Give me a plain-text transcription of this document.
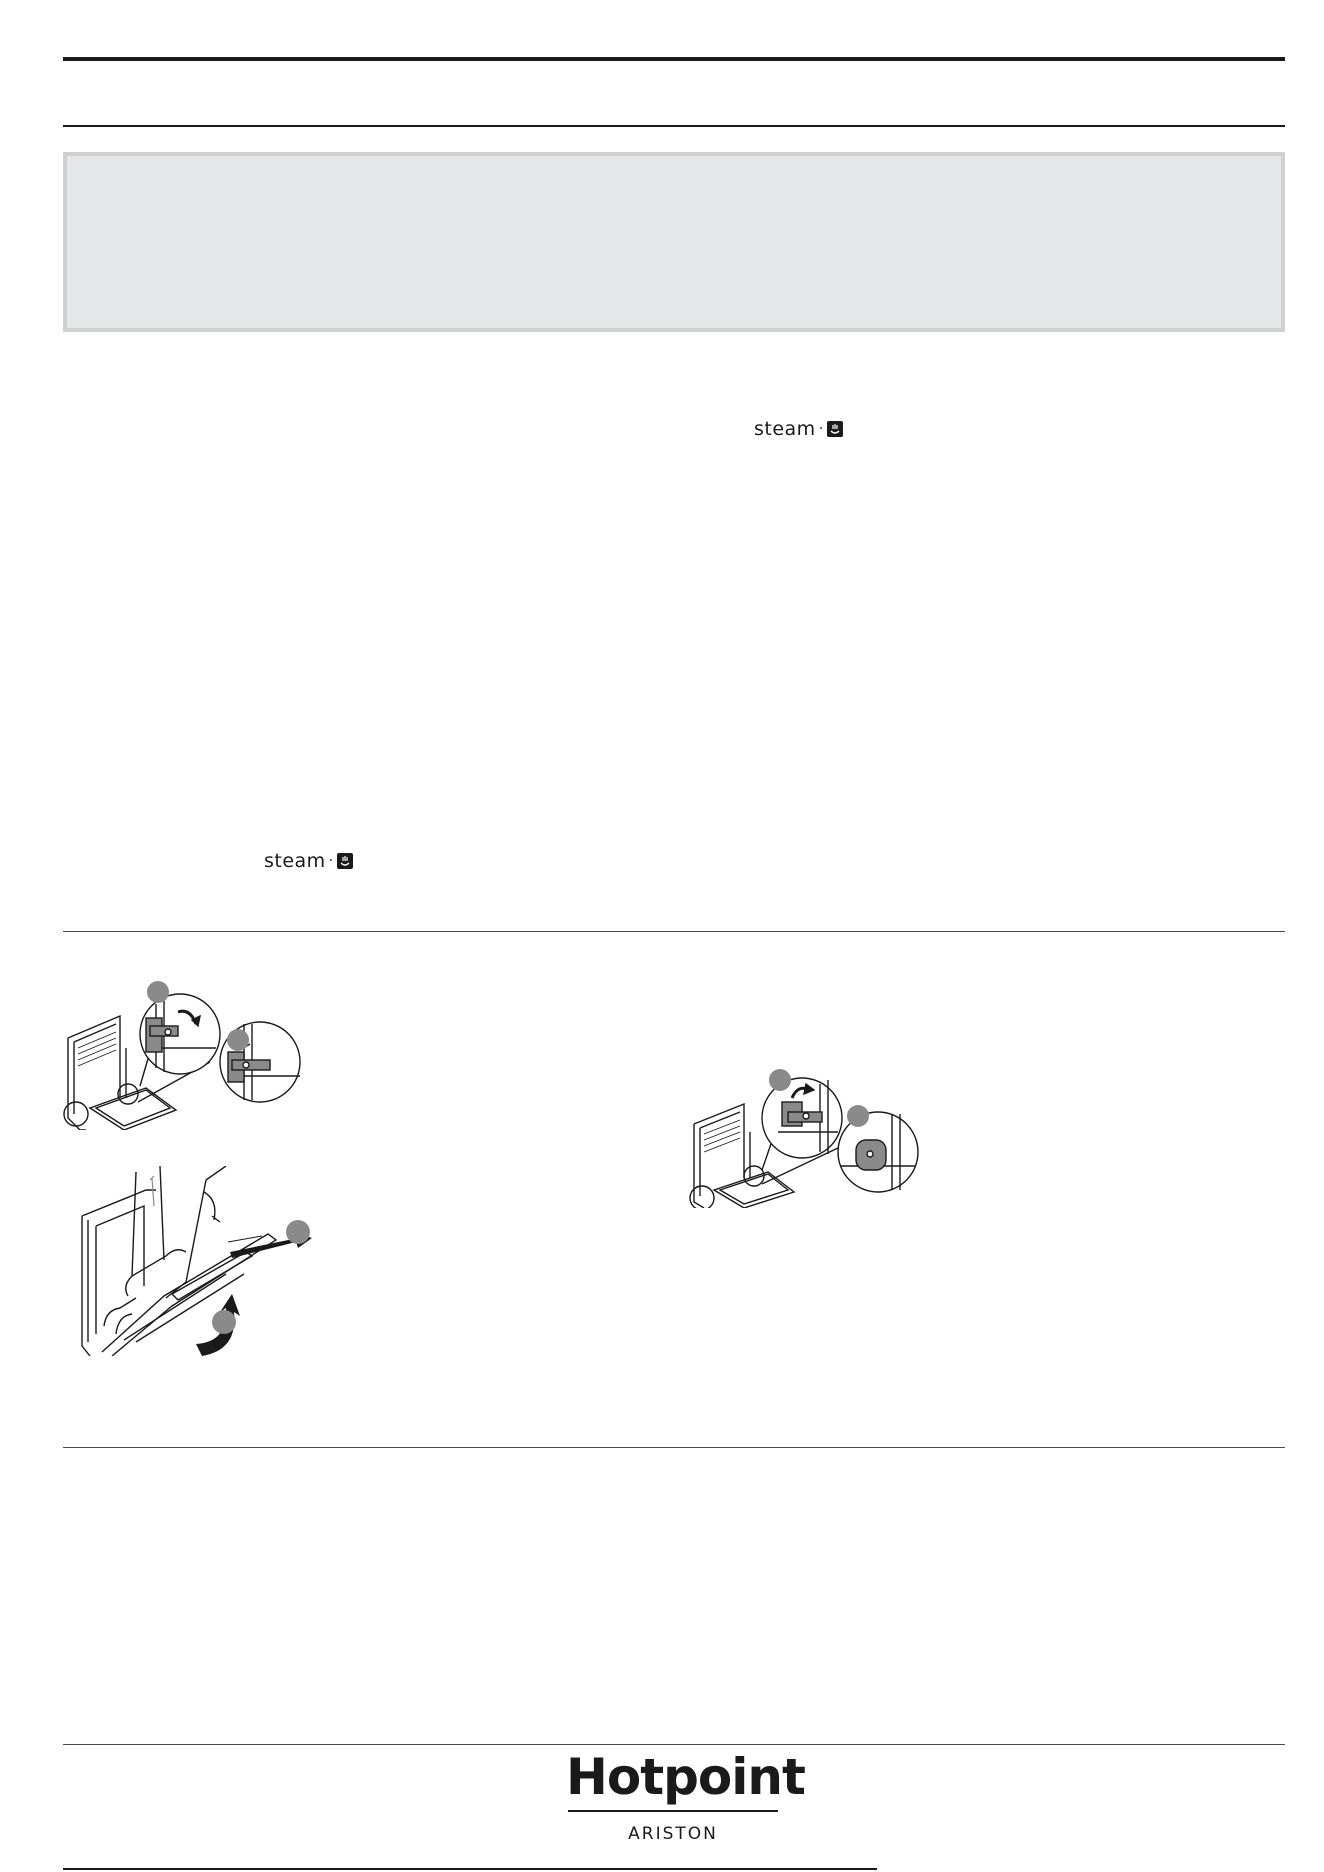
steam ·
steam ·
Hotpoint
ARISTON
